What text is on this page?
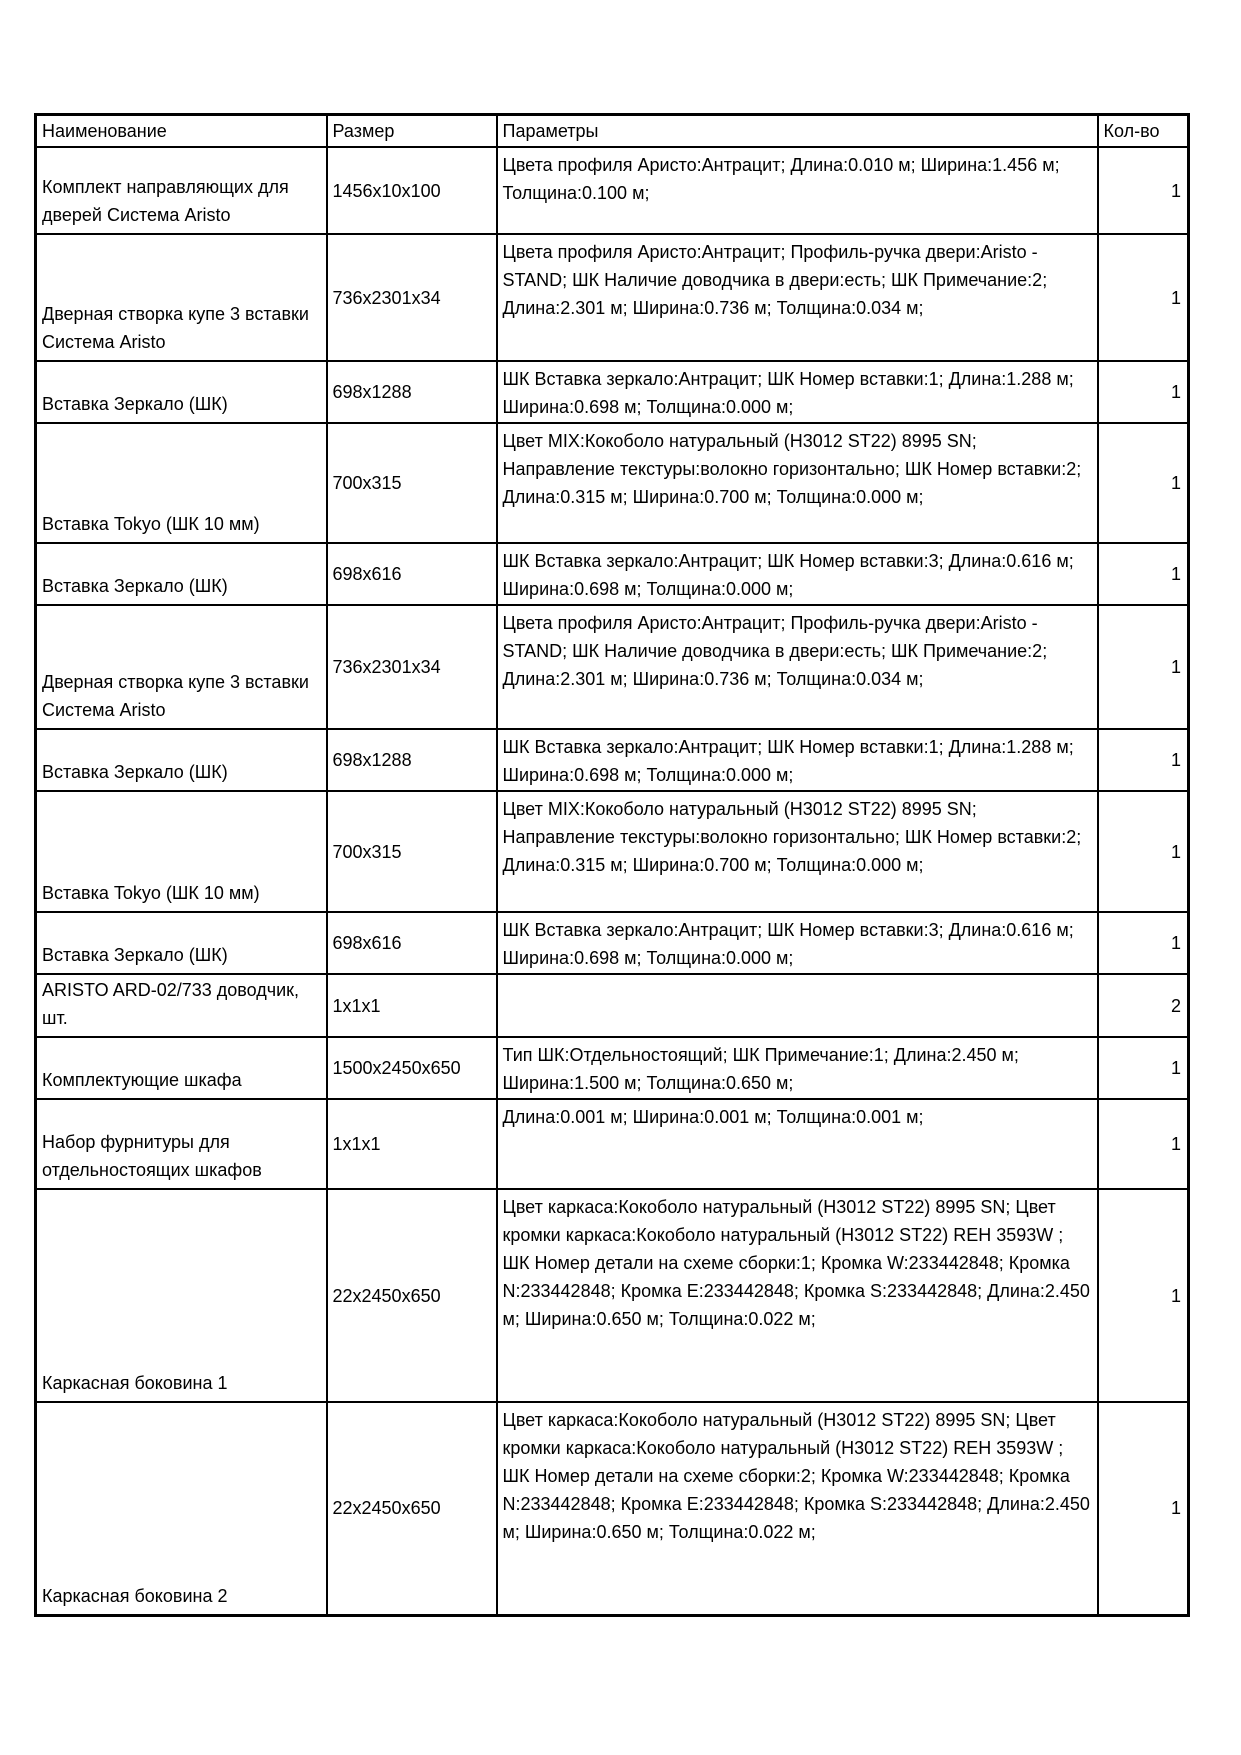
Наименование	Размер	Параметры	Кол-во
Комплект направляющих для дверей Система Aristo	1456x10x100	Цвета профиля Аристо:Антрацит; Длина:0.010 м; Ширина:1.456 м; Толщина:0.100 м;	1
Дверная створка купе 3 вставки Система Aristo	736x2301x34	Цвета профиля Аристо:Антрацит; Профиль-ручка двери:Aristo - STAND; ШК Наличие доводчика в двери:есть; ШК Примечание:2; Длина:2.301 м; Ширина:0.736 м; Толщина:0.034 м;	1
Вставка Зеркало (ШК)	698x1288	ШК Вставка зеркало:Антрацит; ШК Номер вставки:1; Длина:1.288 м; Ширина:0.698 м; Толщина:0.000 м;	1
Вставка Tokyo (ШК 10 мм)	700x315	Цвет MIX:Кокоболо натуральный (H3012 ST22) 8995 SN; Направление текстуры:волокно горизонтально; ШК Номер вставки:2; Длина:0.315 м; Ширина:0.700 м; Толщина:0.000 м;	1
Вставка Зеркало (ШК)	698x616	ШК Вставка зеркало:Антрацит; ШК Номер вставки:3; Длина:0.616 м; Ширина:0.698 м; Толщина:0.000 м;	1
Дверная створка купе 3 вставки Система Aristo	736x2301x34	Цвета профиля Аристо:Антрацит; Профиль-ручка двери:Aristo - STAND; ШК Наличие доводчика в двери:есть; ШК Примечание:2; Длина:2.301 м; Ширина:0.736 м; Толщина:0.034 м;	1
Вставка Зеркало (ШК)	698x1288	ШК Вставка зеркало:Антрацит; ШК Номер вставки:1; Длина:1.288 м; Ширина:0.698 м; Толщина:0.000 м;	1
Вставка Tokyo (ШК 10 мм)	700x315	Цвет MIX:Кокоболо натуральный (H3012 ST22) 8995 SN; Направление текстуры:волокно горизонтально; ШК Номер вставки:2; Длина:0.315 м; Ширина:0.700 м; Толщина:0.000 м;	1
Вставка Зеркало (ШК)	698x616	ШК Вставка зеркало:Антрацит; ШК Номер вставки:3; Длина:0.616 м; Ширина:0.698 м; Толщина:0.000 м;	1
ARISTO ARD-02/733 доводчик, шт.	1x1x1		2
Комплектующие шкафа	1500x2450x650	Тип ШК:Отдельностоящий; ШК Примечание:1; Длина:2.450 м; Ширина:1.500 м; Толщина:0.650 м;	1
Набор фурнитуры для отдельностоящих шкафов	1x1x1	Длина:0.001 м; Ширина:0.001 м; Толщина:0.001 м;	1
Каркасная боковина 1	22x2450x650	Цвет каркаса:Кокоболо натуральный (H3012 ST22) 8995 SN; Цвет кромки каркаса:Кокоболо натуральный (H3012 ST22) REH 3593W ; ШК Номер детали на схеме сборки:1; Кромка W:233442848; Кромка N:233442848; Кромка E:233442848; Кромка S:233442848; Длина:2.450 м; Ширина:0.650 м; Толщина:0.022 м;	1
Каркасная боковина 2	22x2450x650	Цвет каркаса:Кокоболо натуральный (H3012 ST22) 8995 SN; Цвет кромки каркаса:Кокоболо натуральный (H3012 ST22) REH 3593W ; ШК Номер детали на схеме сборки:2; Кромка W:233442848; Кромка N:233442848; Кромка E:233442848; Кромка S:233442848; Длина:2.450 м; Ширина:0.650 м; Толщина:0.022 м;	1
